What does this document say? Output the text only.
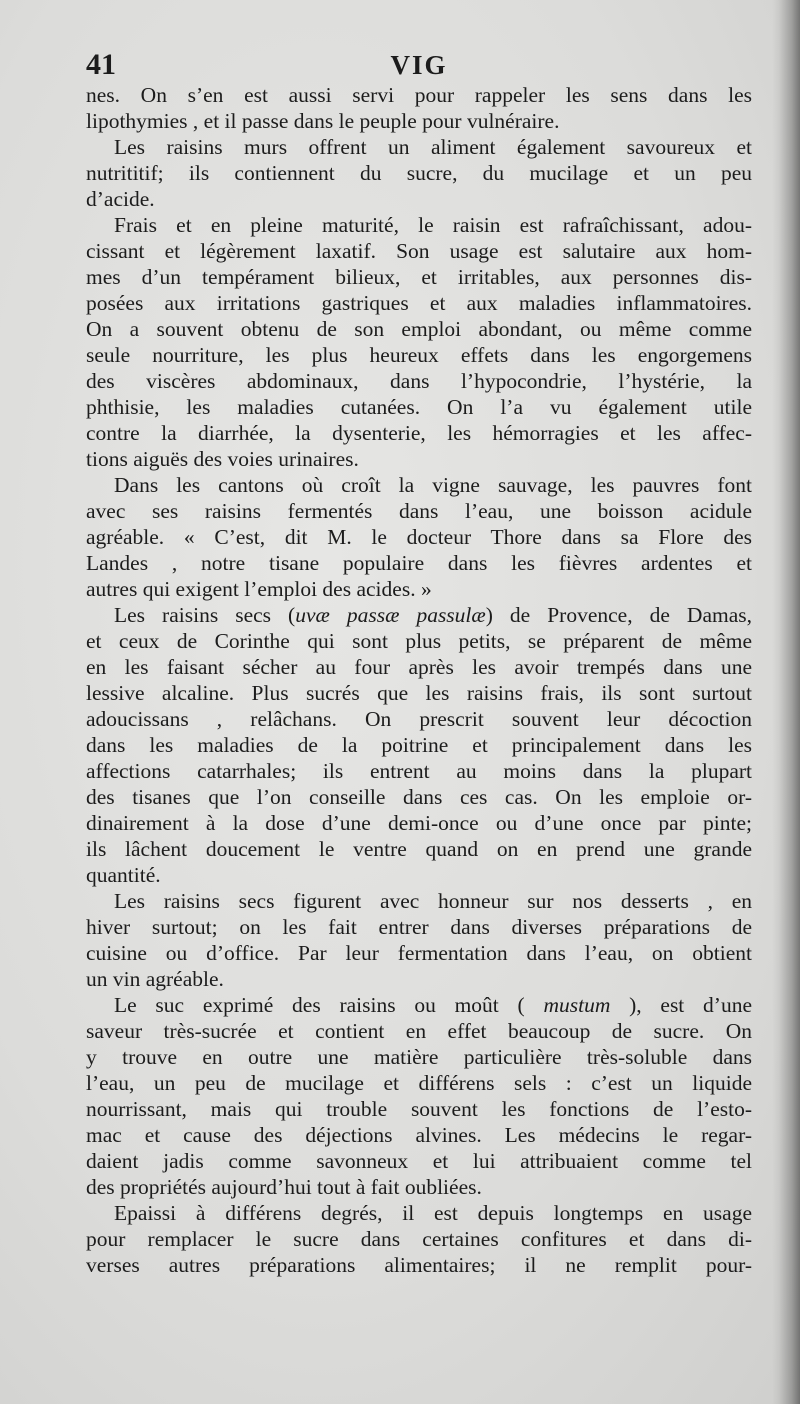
41	VIG
nes. On s’en est aussi servi pour rappeler les sens dans les
lipothymies , et il passe dans le peuple pour vulnéraire.
Les raisins murs offrent un aliment également savoureux et
nutrititif; ils contiennent du sucre, du mucilage et un peu
d’acide.
Frais et en pleine maturité, le raisin est rafraîchissant, adou-
cissant et légèrement laxatif. Son usage est salutaire aux hom-
mes d’un tempérament bilieux, et irritables, aux personnes dis-
posées aux irritations gastriques et aux maladies inflammatoires.
On a souvent obtenu de son emploi abondant, ou même comme
seule nourriture, les plus heureux effets dans les engorgemens
des viscères abdominaux, dans l’hypocondrie, l’hystérie, la
phthisie, les maladies cutanées. On l’a vu également utile
contre la diarrhée, la dysenterie, les hémorragies et les affec-
tions aiguës des voies urinaires.
Dans les cantons où croît la vigne sauvage, les pauvres font
avec ses raisins fermentés dans l’eau, une boisson acidule
agréable. « C’est, dit M. le docteur Thore dans sa Flore des
Landes , notre tisane populaire dans les fièvres ardentes et
autres qui exigent l’emploi des acides. »
Les raisins secs (uvæ passæ passulæ) de Provence, de Damas,
et ceux de Corinthe qui sont plus petits, se préparent de même
en les faisant sécher au four après les avoir trempés dans une
lessive alcaline. Plus sucrés que les raisins frais, ils sont surtout
adoucissans , relâchans. On prescrit souvent leur décoction
dans les maladies de la poitrine et principalement dans les
affections catarrhales; ils entrent au moins dans la plupart
des tisanes que l’on conseille dans ces cas. On les emploie or-
dinairement à la dose d’une demi-once ou d’une once par pinte;
ils lâchent doucement le ventre quand on en prend une grande
quantité.
Les raisins secs figurent avec honneur sur nos desserts , en
hiver surtout; on les fait entrer dans diverses préparations de
cuisine ou d’office. Par leur fermentation dans l’eau, on obtient
un vin agréable.
Le suc exprimé des raisins ou moût ( mustum ), est d’une
saveur très-sucrée et contient en effet beaucoup de sucre. On
y trouve en outre une matière particulière très-soluble dans
l’eau, un peu de mucilage et différens sels : c’est un liquide
nourrissant, mais qui trouble souvent les fonctions de l’esto-
mac et cause des déjections alvines. Les médecins le regar-
daient jadis comme savonneux et lui attribuaient comme tel
des propriétés aujourd’hui tout à fait oubliées.
Epaissi à différens degrés, il est depuis longtemps en usage
pour remplacer le sucre dans certaines confitures et dans di-
verses autres préparations alimentaires; il ne remplit pour-
